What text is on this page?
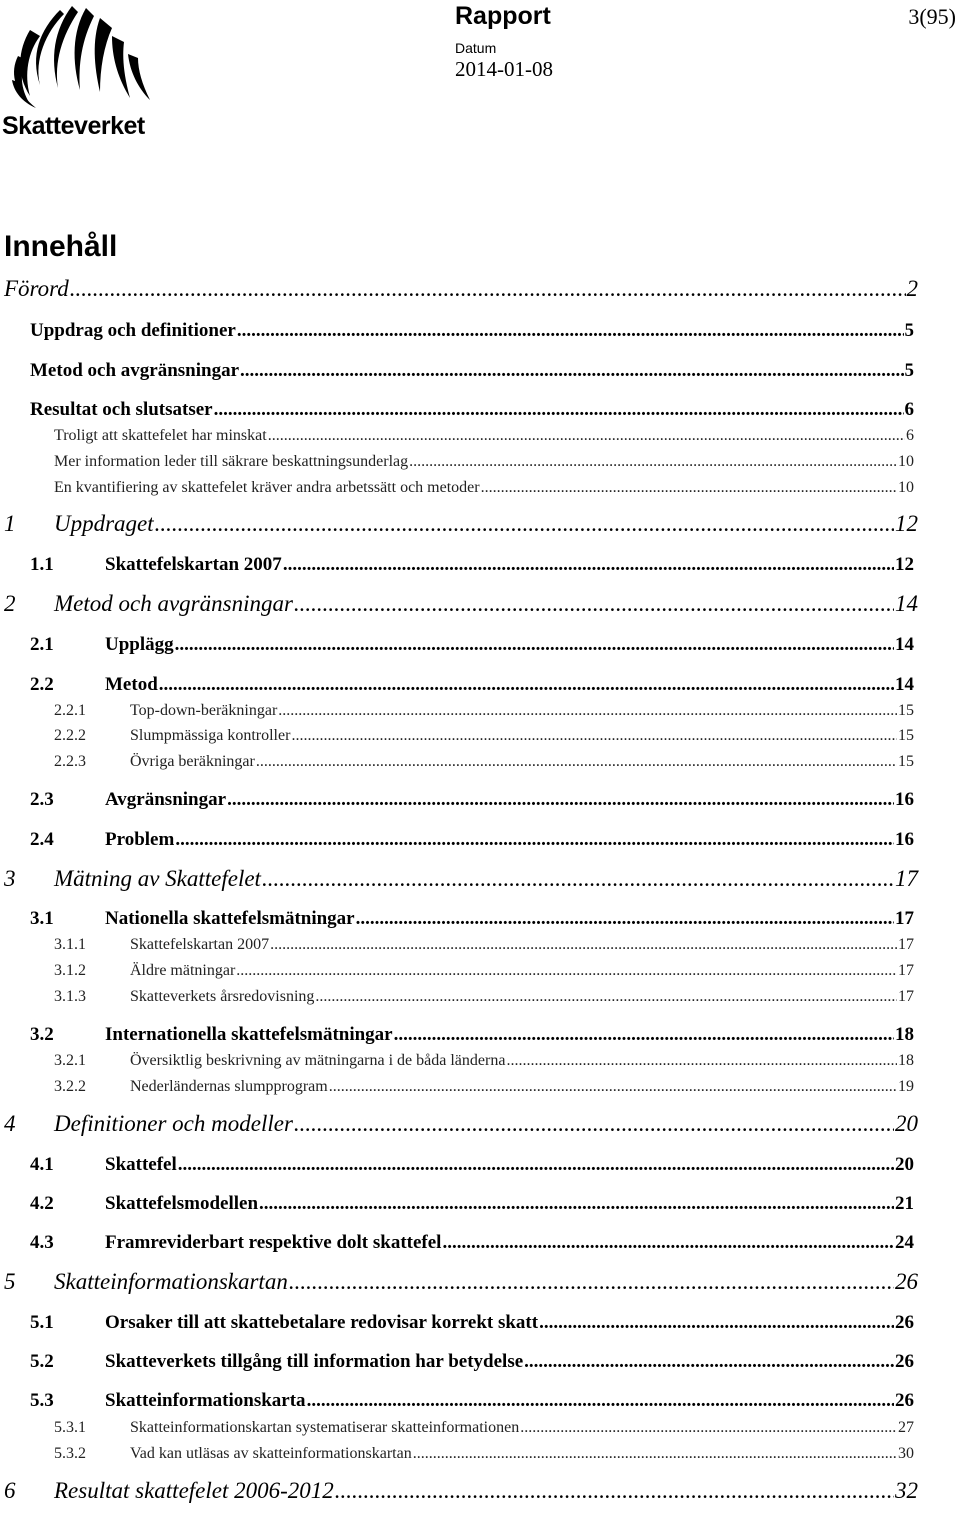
Skatteverket
Rapport	3(95)
Datum
2014-01-08
Innehåll
Förord .....	2
Uppdrag och definitioner .....	5
Metod och avgränsningar .....	5
Resultat och slutsatser .....	6
Troligt att skattefelet har minskat .....	6
Mer information leder till säkrare beskattningsunderlag .....	10
En kvantifiering av skattefelet kräver andra arbetssätt och metoder .....	10
1	Uppdraget .....	12
1.1	Skattefelskartan 2007 .....	12
2	Metod och avgränsningar .....	14
2.1	Upplägg .....	14
2.2	Metod .....	14
2.2.1	Top-down-beräkningar .....	15
2.2.2	Slumpmässiga kontroller .....	15
2.2.3	Övriga beräkningar .....	15
2.3	Avgränsningar .....	16
2.4	Problem .....	16
3	Mätning av Skattefelet .....	17
3.1	Nationella skattefelsmätningar .....	17
3.1.1	Skattefelskartan 2007 .....	17
3.1.2	Äldre mätningar .....	17
3.1.3	Skatteverkets årsredovisning .....	17
3.2	Internationella skattefelsmätningar .....	18
3.2.1	Översiktlig beskrivning av mätningarna i de båda länderna .....	18
3.2.2	Nederländernas slumpprogram .....	19
4	Definitioner och modeller .....	20
4.1	Skattefel .....	20
4.2	Skattefelsmodellen .....	21
4.3	Framreviderbart respektive dolt skattefel .....	24
5	Skatteinformationskartan .....	26
5.1	Orsaker till att skattebetalare redovisar korrekt skatt .....	26
5.2	Skatteverkets tillgång till information har betydelse .....	26
5.3	Skatteinformationskarta .....	26
5.3.1	Skatteinformationskartan systematiserar skatteinformationen .....	27
5.3.2	Vad kan utläsas av skatteinformationskartan .....	30
6	Resultat skattefelet 2006-2012 .....	32
